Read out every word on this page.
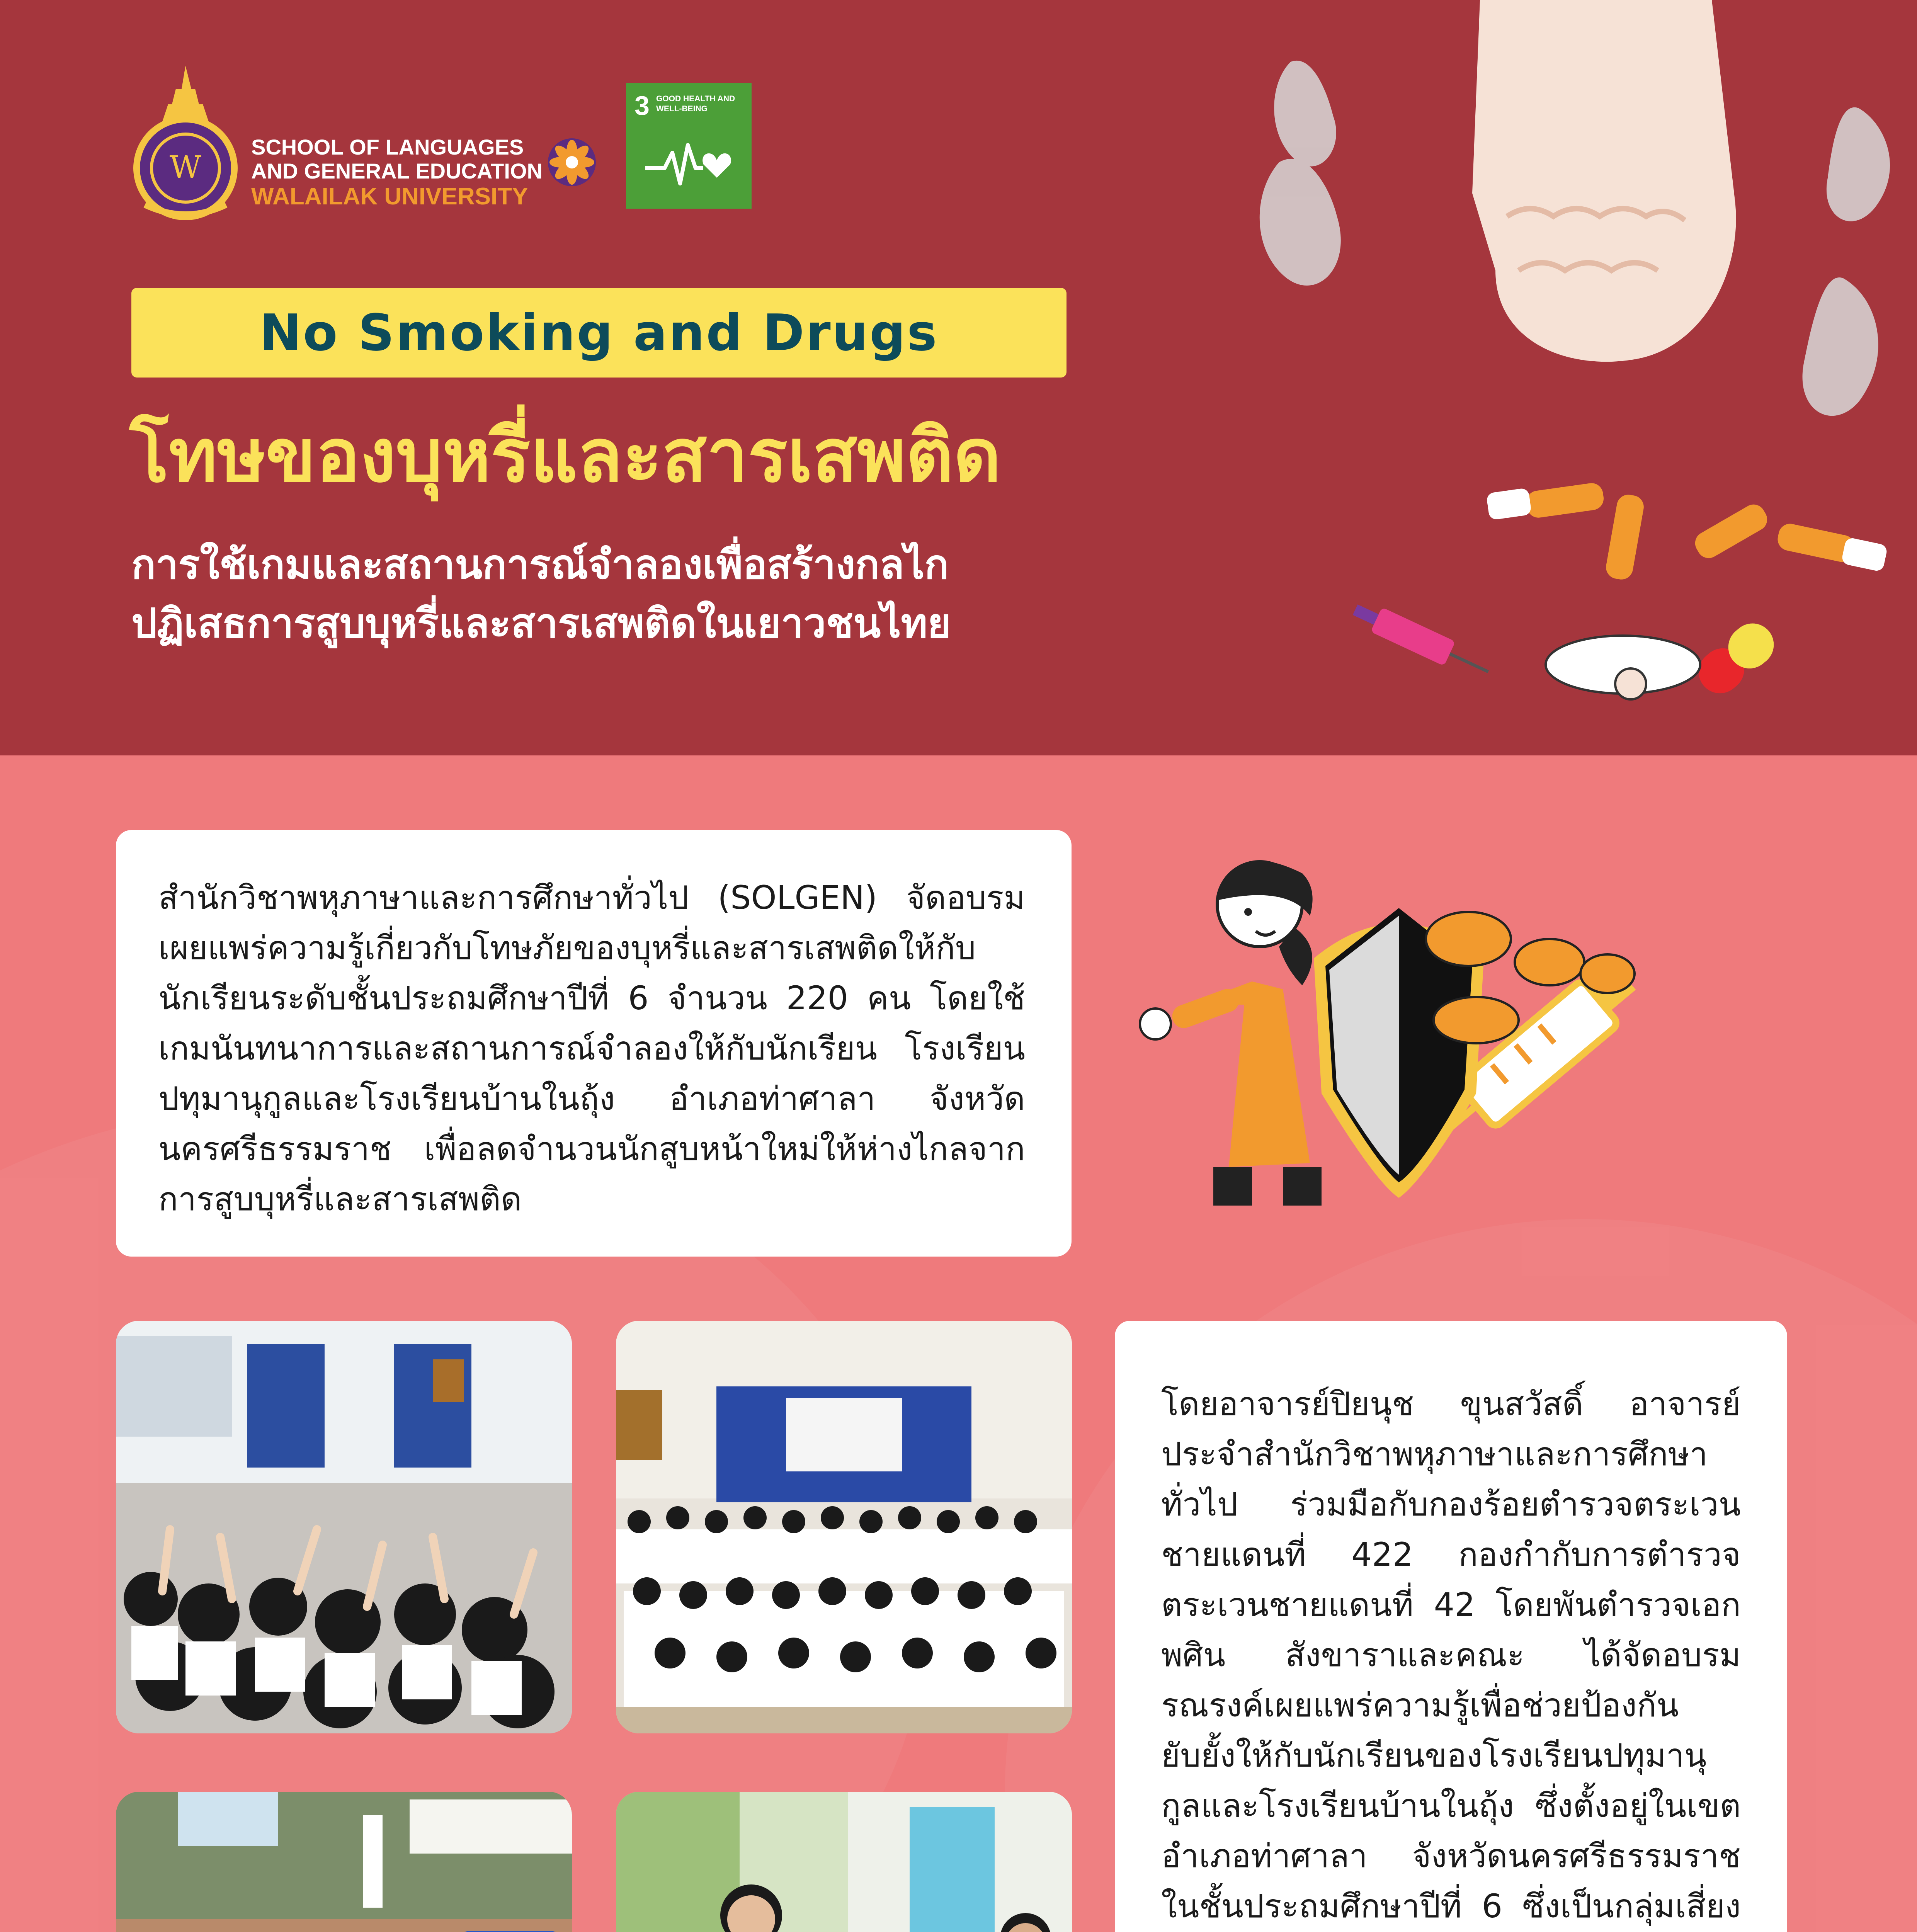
W
SCHOOL OF LANGUAGES
AND GENERAL EDUCATION
WALAILAK UNIVERSITY
3 GOOD HEALTH AND WELL-BEING
No Smoking and Drugs
โทษของบุหรี่และสารเสพติด
การใช้เกมและสถานการณ์จำลองเพื่อสร้างกลไก
ปฏิเสธการสูบบุหรี่และสารเสพติดในเยาวชนไทย
สำนักวิชาพหุภาษาและการศึกษาทั่วไป (SOLGEN) จัดอบรมเผยแพร่ความรู้เกี่ยวกับโทษภัยของบุหรี่และสารเสพติดให้กับนักเรียนระดับชั้นประถมศึกษาปีที่ 6 จำนวน 220 คน โดยใช้เกมนันทนาการและสถานการณ์จำลองให้กับนักเรียน โรงเรียนปทุมานุกูลและโรงเรียนบ้านในถุ้ง อำเภอท่าศาลา จังหวัดนครศรีธรรมราช เพื่อลดจำนวนนักสูบหน้าใหม่ให้ห่างไกลจากการสูบบุหรี่และสารเสพติด
โดยอาจารย์ปิยนุช ขุนสวัสดิ์ อาจารย์ประจำสำนักวิชาพหุภาษาและการศึกษาทั่วไป ร่วมมือกับกองร้อยตำรวจตระเวนชายแดนที่ 422 กองกำกับการตำรวจตระเวนชายแดนที่ 42 โดยพันตำรวจเอกพศิน สังขาราและคณะ ได้จัดอบรม รณรงค์เผยแพร่ความรู้เพื่อช่วยป้องกัน ยับยั้งให้กับนักเรียนของโรงเรียนปทุมานุกูลและโรงเรียนบ้านในถุ้ง ซึ่งตั้งอยู่ในเขตอำเภอท่าศาลา จังหวัดนครศรีธรรมราช ในชั้นประถมศึกษาปีที่ 6 ซึ่งเป็นกลุ่มเสี่ยง
